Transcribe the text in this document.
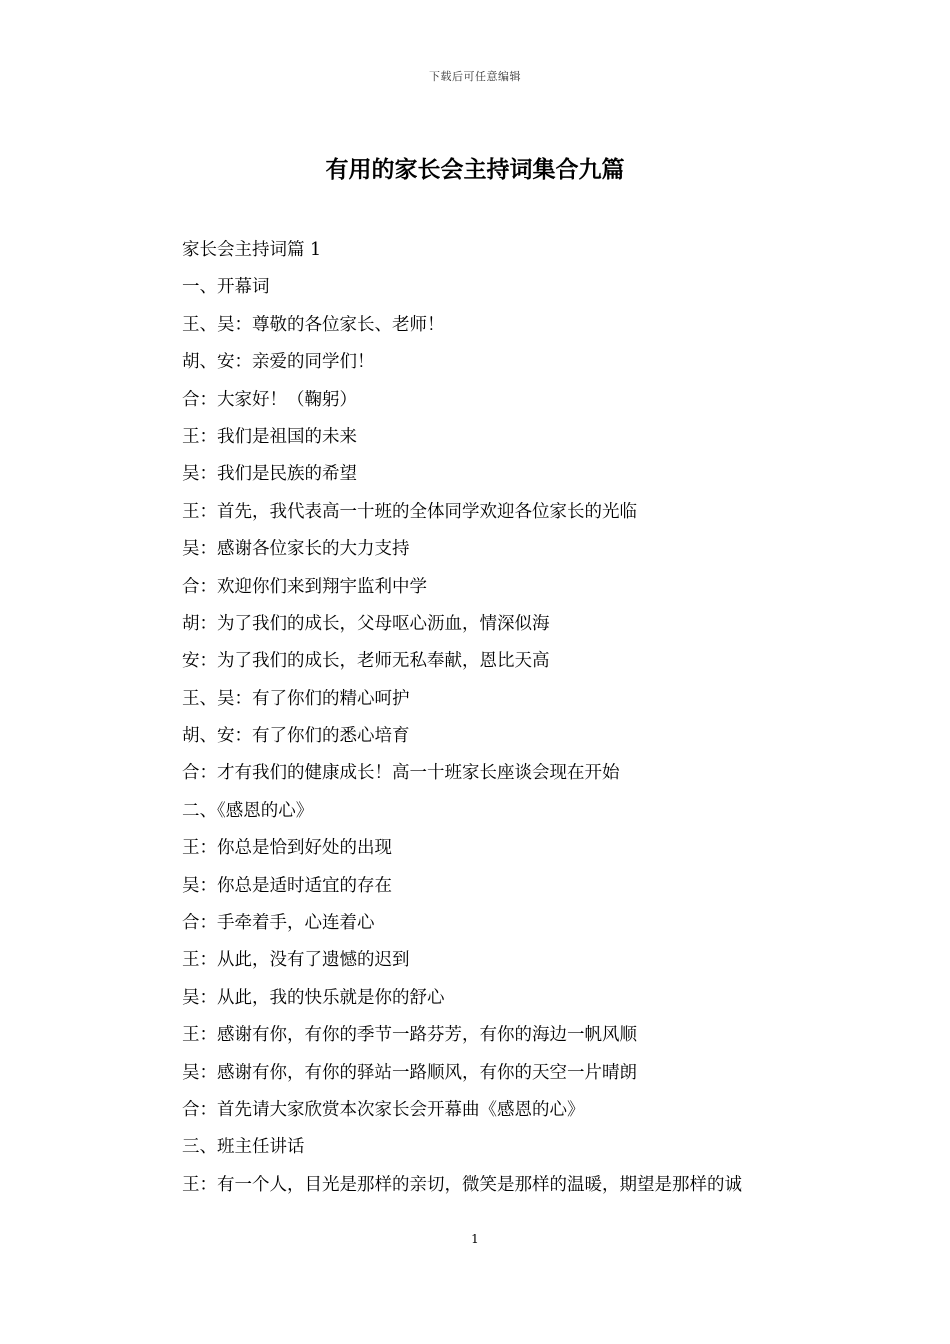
下载后可任意编辑
有用的家长会主持词集合九篇
家长会主持词篇 1
一、开幕词
王、吴：尊敬的各位家长、老师！
胡、安：亲爱的同学们！
合：大家好！（鞠躬）
王：我们是祖国的未来
吴：我们是民族的希望
王：首先，我代表高一十班的全体同学欢迎各位家长的光临
吴：感谢各位家长的大力支持
合：欢迎你们来到翔宇监利中学
胡：为了我们的成长，父母呕心沥血，情深似海
安：为了我们的成长，老师无私奉献，恩比天高
王、吴：有了你们的精心呵护
胡、安：有了你们的悉心培育
合：才有我们的健康成长！高一十班家长座谈会现在开始
二、《感恩的心》
王：你总是恰到好处的出现
吴：你总是适时适宜的存在
合：手牵着手，心连着心
王：从此，没有了遗憾的迟到
吴：从此，我的快乐就是你的舒心
王：感谢有你，有你的季节一路芬芳，有你的海边一帆风顺
吴：感谢有你，有你的驿站一路顺风，有你的天空一片晴朗
合：首先请大家欣赏本次家长会开幕曲《感恩的心》
三、班主任讲话
王：有一个人，目光是那样的亲切，微笑是那样的温暖，期望是那样的诚
1
